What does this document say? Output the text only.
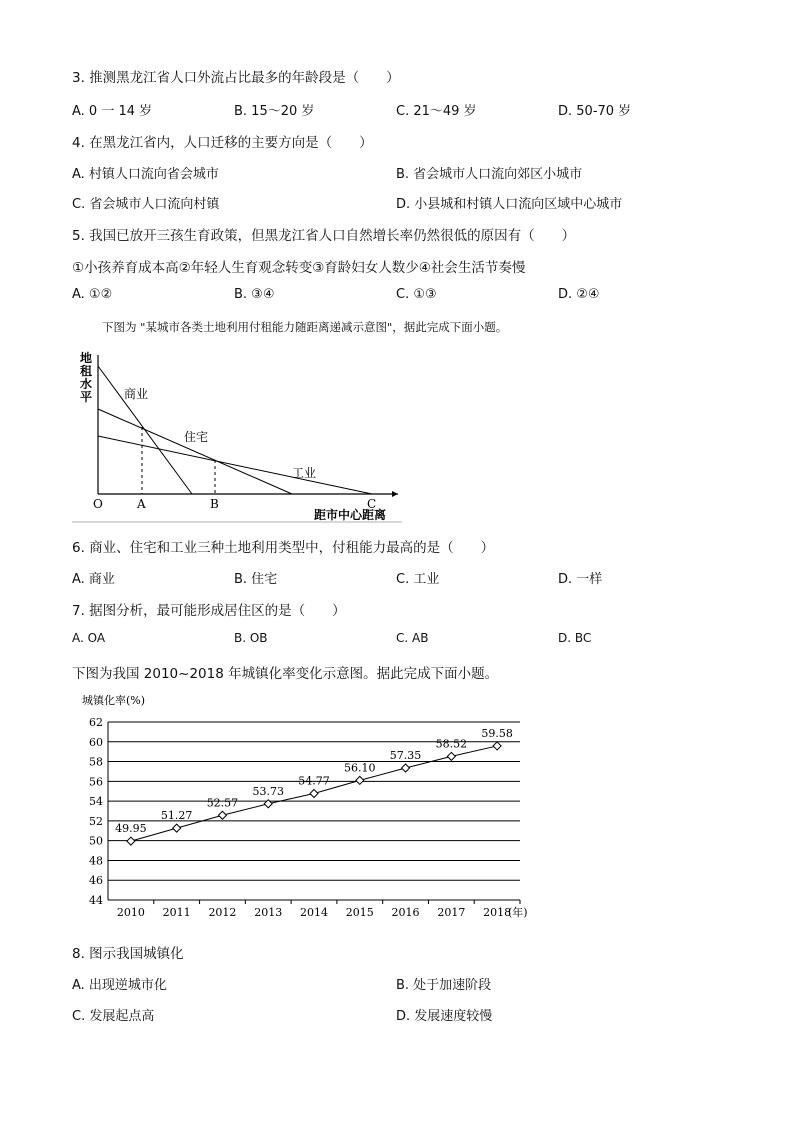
3. 推测黑龙江省人口外流占比最多的年龄段是（　　）
A. 0 一 14 岁	B. 15～20 岁	C. 21～49 岁	D. 50-70 岁
4. 在黑龙江省内，人口迁移的主要方向是（　　）
A. 村镇人口流向省会城市	B. 省会城市人口流向郊区小城市
C. 省会城市人口流向村镇	D. 小县城和村镇人口流向区域中心城市
5. 我国已放开三孩生育政策，但黑龙江省人口自然增长率仍然很低的原因有（　　）
①小孩养育成本高②年轻人生育观念转变③育龄妇女人数少④社会生活节奏慢
A. ①②	B. ③④	C. ①③	D. ②④
下图为 "某城市各类土地利用付租能力随距离递减示意图"，据此完成下面小题。
地
租
水
平	商业
住宅
工业
O	A	B	C
距市中心距离
6. 商业、住宅和工业三种土地利用类型中，付租能力最高的是（　　）
A. 商业	B. 住宅	C. 工业	D. 一样
7. 据图分析，最可能形成居住区的是（　　）
A. OA	B. OB	C. AB	D. BC
下图为我国 2010~2018 年城镇化率变化示意图。据此完成下面小题。
城镇化率(%)
44
46
48
50
52
54
56
58
60
62
2010 2011 2012 2013 2014 2015 2016 2017 2018
49.95
51.27
52.57
53.73
54.77
56.10
57.35
58.52
59.58
(年)
8. 图示我国城镇化
A. 出现逆城市化	B. 处于加速阶段
C. 发展起点高	D. 发展速度较慢
